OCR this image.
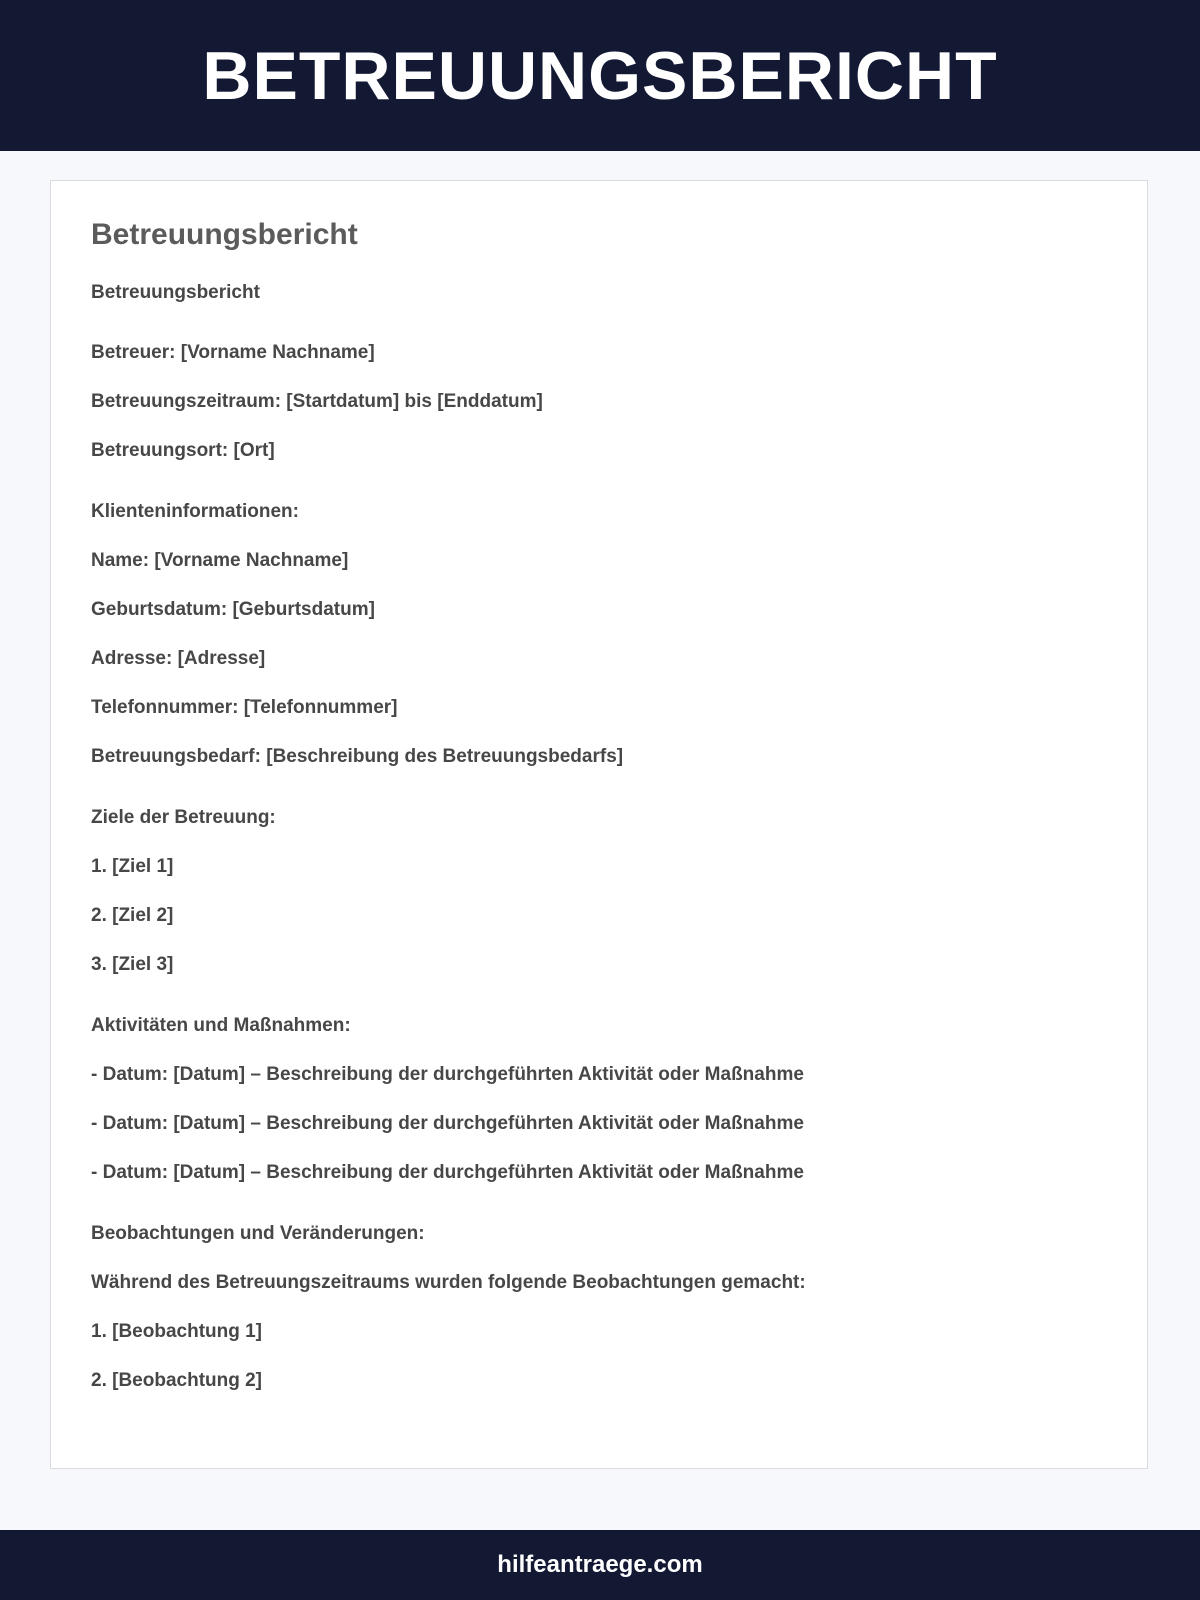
BETREUUNGSBERICHT
Betreuungsbericht

Betreuungsbericht

Betreuer: [Vorname Nachname]

Betreuungszeitraum: [Startdatum] bis [Enddatum]

Betreuungsort: [Ort]

Klienteninformationen:

Name: [Vorname Nachname]

Geburtsdatum: [Geburtsdatum]

Adresse: [Adresse]

Telefonnummer: [Telefonnummer]

Betreuungsbedarf: [Beschreibung des Betreuungsbedarfs]

Ziele der Betreuung:

1. [Ziel 1]

2. [Ziel 2]

3. [Ziel 3]

Aktivitäten und Maßnahmen:

- Datum: [Datum] – Beschreibung der durchgeführten Aktivität oder Maßnahme

- Datum: [Datum] – Beschreibung der durchgeführten Aktivität oder Maßnahme

- Datum: [Datum] – Beschreibung der durchgeführten Aktivität oder Maßnahme

Beobachtungen und Veränderungen:

Während des Betreuungszeitraums wurden folgende Beobachtungen gemacht:

1. [Beobachtung 1]

2. [Beobachtung 2]

hilfeantraege.com
